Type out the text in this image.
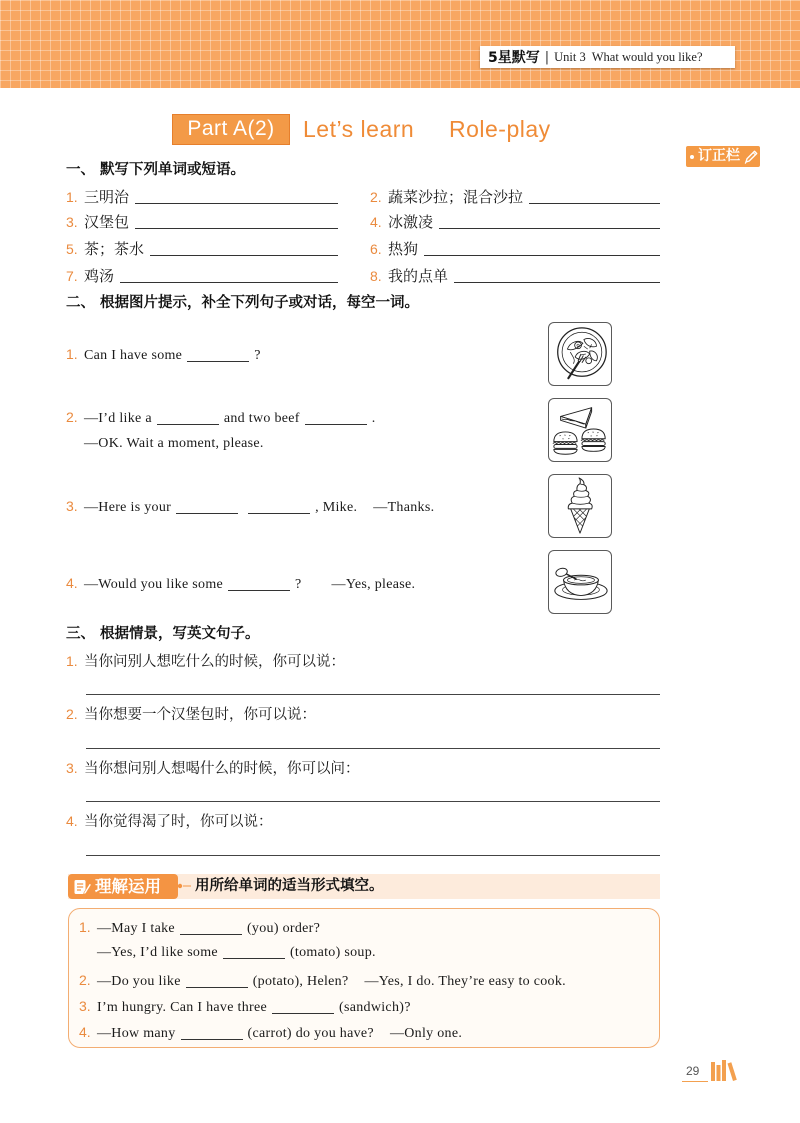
5星默写 | Unit 3  What would you like?
Part A(2)	Let’s learn Role-play
订正栏
一、 默写下列单词或短语。
1. 三明治	2. 蔬菜沙拉；混合沙拉
3. 汉堡包	4. 冰激凌
5. 茶；茶水	6. 热狗
7. 鸡汤	8. 我的点单
二、 根据图片提示，补全下列句子或对话，每空一词。
1. Can I have some	?
2. —I’d like a	and two beef	.
—OK. Wait a moment, please.
3. —Here is your	, Mike. —Thanks.
4. —Would you like some	? —Yes, please.
三、 根据情景，写英文句子。
1. 当你问别人想吃什么的时候，你可以说：
2. 当你想要一个汉堡包时，你可以说：
3. 当你想问别人想喝什么的时候，你可以问：
4. 当你觉得渴了时，你可以说：
理解运用 用所给单词的适当形式填空。
1. —May I take	(you) order?
—Yes, I’d like some	(tomato) soup.
2. —Do you like	(potato), Helen? —Yes, I do. They’re easy to cook.
3. I’m hungry. Can I have three	(sandwich)?
4. —How many	(carrot) do you have? —Only one.
29
